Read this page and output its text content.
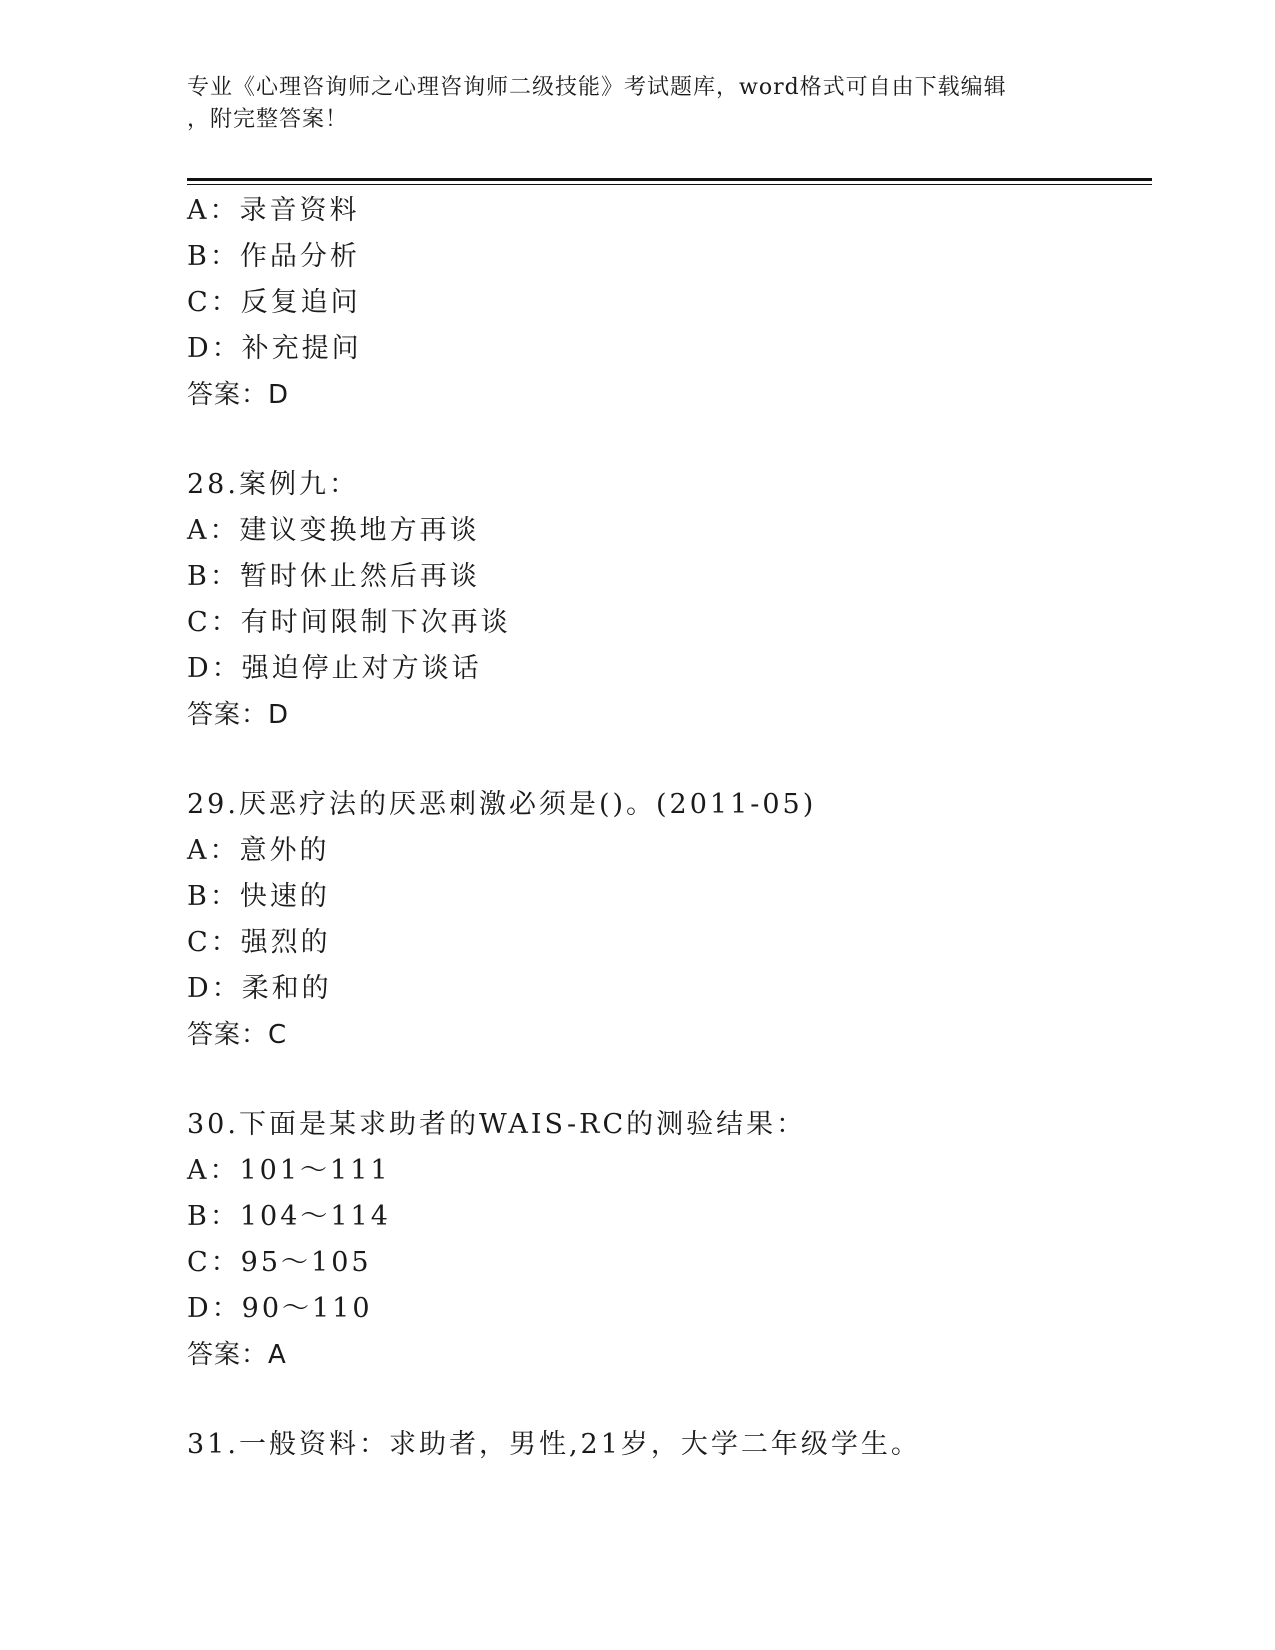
专业《心理咨询师之心理咨询师二级技能》考试题库，word格式可自由下载编辑
，附完整答案！
A：录音资料
B：作品分析
C：反复追问
D：补充提问
答案：D
28.案例九：
A：建议变换地方再谈
B：暂时休止然后再谈
C：有时间限制下次再谈
D：强迫停止对方谈话
答案：D
29.厌恶疗法的厌恶刺激必须是()。(2011-05)
A：意外的
B：快速的
C：强烈的
D：柔和的
答案：C
30.下面是某求助者的WAIS-RC的测验结果：
A：101～111
B：104～114
C：95～105
D：90～110
答案：A
31.一般资料：求助者，男性,21岁，大学二年级学生。
